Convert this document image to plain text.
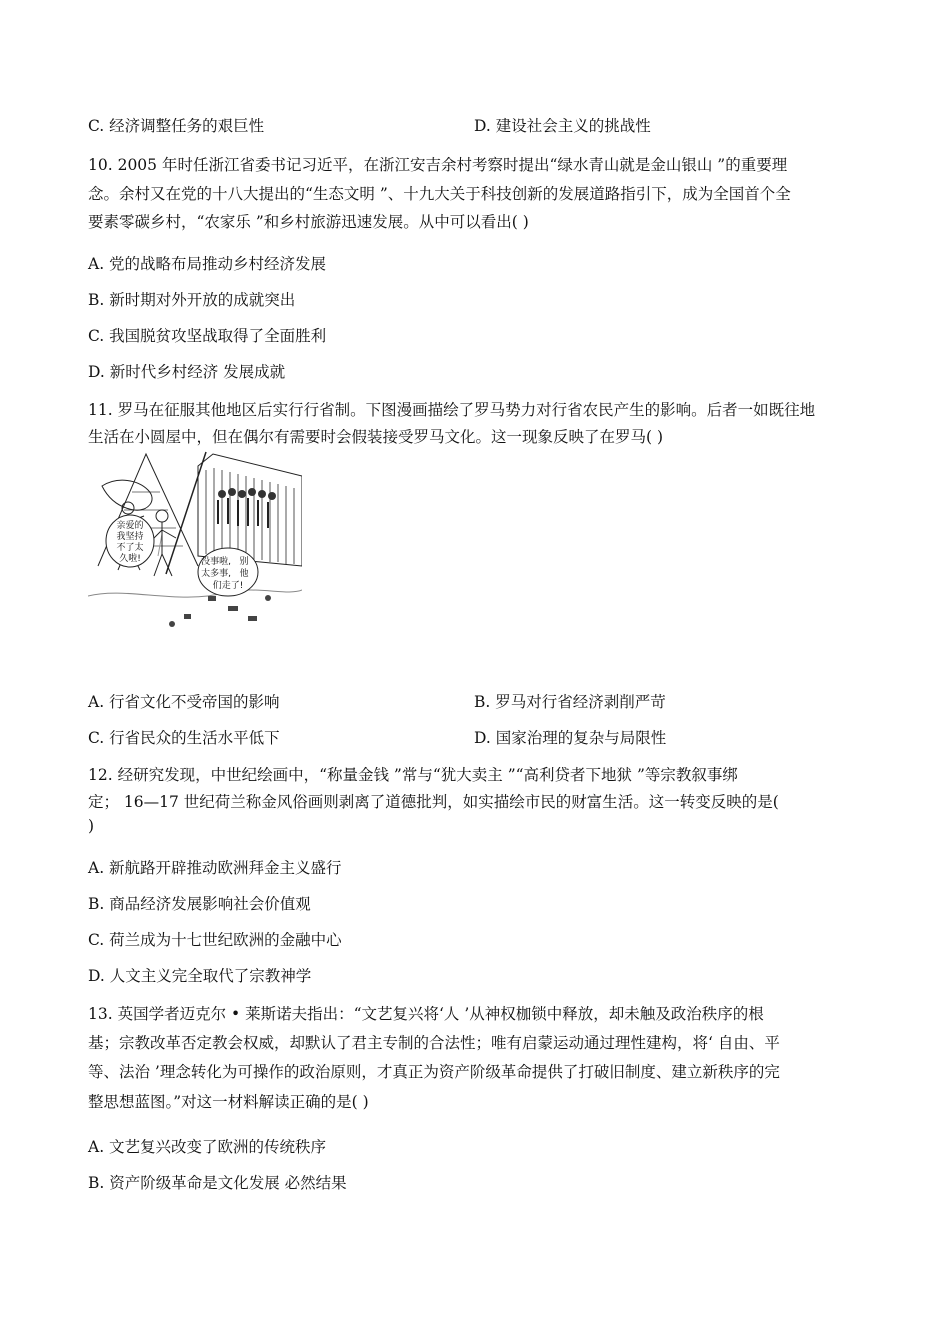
C. 经济调整任务的艰巨性	D. 建设社会主义的挑战性
10. 2005 年时任浙江省委书记习近平，在浙江安吉余村考察时提出“绿水青山就是金山银山 ”的重要理
念。余村又在党的十八大提出的“生态文明 ”、十九大关于科技创新的发展道路指引下，成为全国首个全
要素零碳乡村，“农家乐 ”和乡村旅游迅速发展。从中可以看出( )
A. 党的战略布局推动乡村经济发展
B. 新时期对外开放的成就突出
C. 我国脱贫攻坚战取得了全面胜利
D. 新时代乡村经济 发展成就
11. 罗马在征服其他地区后实行行省制。下图漫画描绘了罗马势力对行省农民产生的影响。后者一如既往地
生活在小圆屋中，但在偶尔有需要时会假装接受罗马文化。这一现象反映了在罗马( )
亲爱的
我坚持
不了太
久啦!	没事啦, 别
太多事, 他
们走了!
A. 行省文化不受帝国的影响	B. 罗马对行省经济剥削严苛
C. 行省民众的生活水平低下	D. 国家治理的复杂与局限性
12. 经研究发现，中世纪绘画中，“称量金钱 ”常与“犹大卖主 ”“高利贷者下地狱 ”等宗教叙事绑
定； 16—17 世纪荷兰称金风俗画则剥离了道德批判，如实描绘市民的财富生活。这一转变反映的是(
)
A. 新航路开辟推动欧洲拜金主义盛行
B. 商品经济发展影响社会价值观
C. 荷兰成为十七世纪欧洲的金融中心
D. 人文主义完全取代了宗教神学
13. 英国学者迈克尔 • 莱斯诺夫指出：“文艺复兴将‘人 ’从神权枷锁中释放，却未触及政治秩序的根
基；宗教改革否定教会权威，却默认了君主专制的合法性；唯有启蒙运动通过理性建构，将‘ 自由、平
等、法治 ’理念转化为可操作的政治原则，才真正为资产阶级革命提供了打破旧制度、建立新秩序的完
整思想蓝图。”对这一材料解读正确的是( )
A. 文艺复兴改变了欧洲的传统秩序
B. 资产阶级革命是文化发展 必然结果
